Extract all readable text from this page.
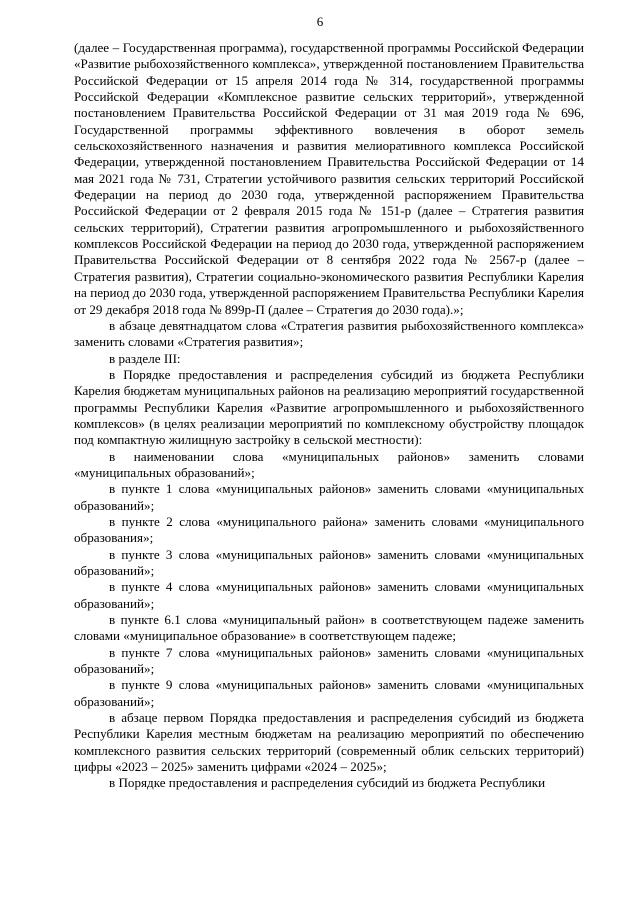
6

(далее – Государственная программа), государственной программы Российской Федерации «Развитие рыбохозяйственного комплекса», утвержденной постановлением Правительства Российской Федерации от 15 апреля 2014 года № 314, государственной программы Российской Федерации «Комплексное развитие сельских территорий», утвержденной постановлением Правительства Российской Федерации от 31 мая 2019 года № 696, Государственной программы эффективного вовлечения в оборот земель сельскохозяйственного назначения и развития мелиоративного комплекса Российской Федерации, утвержденной постановлением Правительства Российской Федерации от 14 мая 2021 года № 731, Стратегии устойчивого развития сельских территорий Российской Федерации на период до 2030 года, утвержденной распоряжением Правительства Российской Федерации от 2 февраля 2015 года № 151-р (далее – Стратегия развития сельских территорий), Стратегии развития агропромышленного и рыбохозяйственного комплексов Российской Федерации на период до 2030 года, утвержденной распоряжением Правительства Российской Федерации от 8 сентября 2022 года № 2567-р (далее – Стратегия развития), Стратегии социально-экономического развития Республики Карелия на период до 2030 года, утвержденной распоряжением Правительства Республики Карелия от 29 декабря 2018 года № 899р-П (далее – Стратегия до 2030 года).»;

в абзаце девятнадцатом слова «Стратегия развития рыбохозяйственного комплекса» заменить словами «Стратегия развития»;

в разделе III:

в Порядке предоставления и распределения субсидий из бюджета Республики Карелия бюджетам муниципальных районов на реализацию мероприятий государственной программы Республики Карелия «Развитие агропромышленного и рыбохозяйственного комплексов» (в целях реализации мероприятий по комплексному обустройству площадок под компактную жилищную застройку в сельской местности):

в наименовании слова «муниципальных районов» заменить словами «муниципальных образований»;

в пункте 1 слова «муниципальных районов» заменить словами «муниципальных образований»;

в пункте 2 слова «муниципального района» заменить словами «муниципального образования»;

в пункте 3 слова «муниципальных районов» заменить словами «муниципальных образований»;

в пункте 4 слова «муниципальных районов» заменить словами «муниципальных образований»;

в пункте 6.1 слова «муниципальный район» в соответствующем падеже заменить словами «муниципальное образование» в соответствующем падеже;

в пункте 7 слова «муниципальных районов» заменить словами «муниципальных образований»;

в пункте 9 слова «муниципальных районов» заменить словами «муниципальных образований»;

в абзаце первом Порядка предоставления и распределения субсидий из бюджета Республики Карелия местным бюджетам на реализацию мероприятий по обеспечению комплексного развития сельских территорий (современный облик сельских территорий) цифры «2023 – 2025» заменить цифрами «2024 – 2025»;

в Порядке предоставления и распределения субсидий из бюджета Республики
